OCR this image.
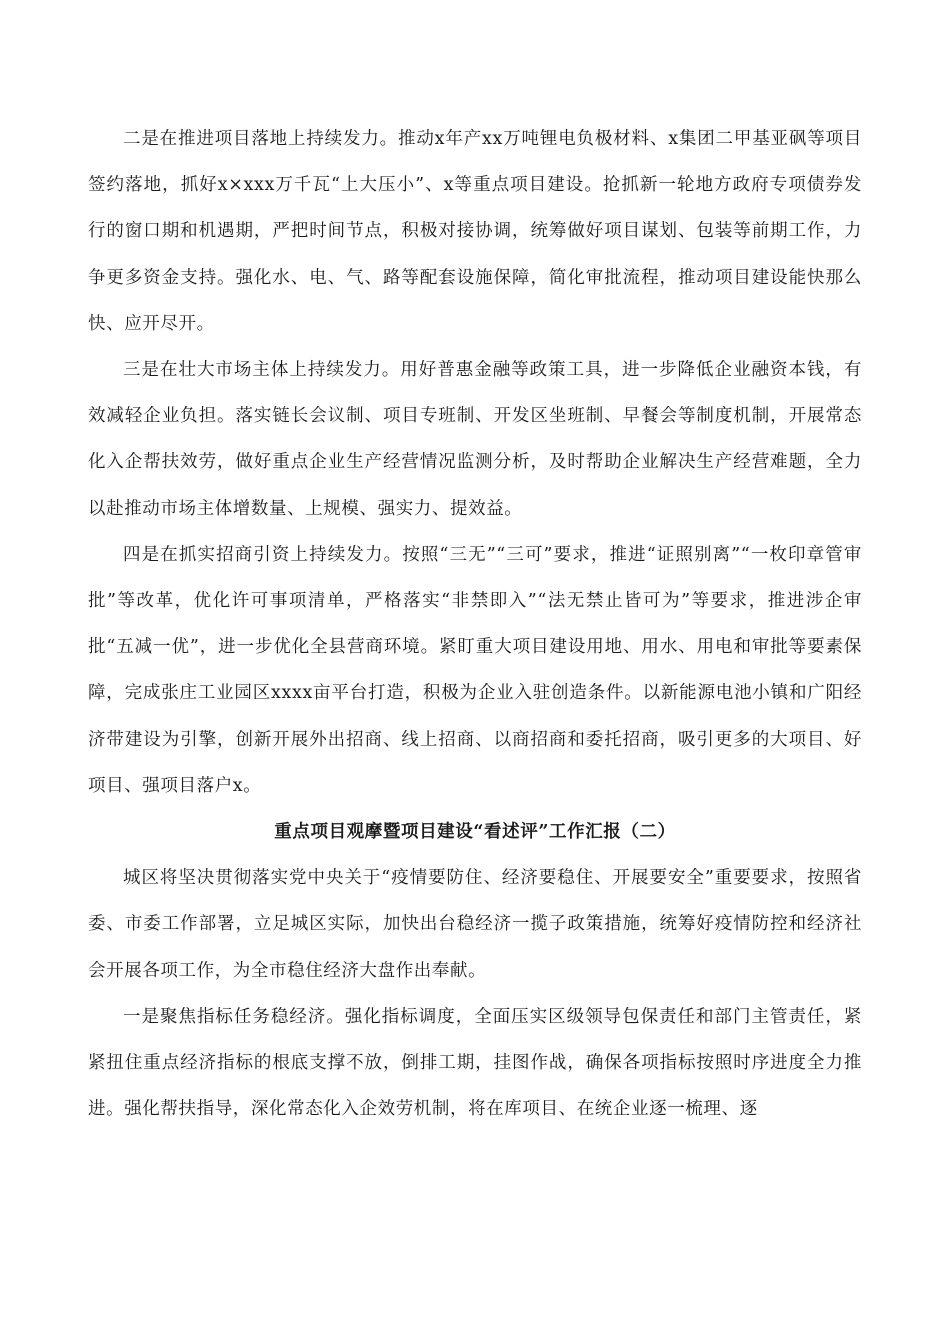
二是在推进项目落地上持续发力。推动x年产xx万吨锂电负极材料、x集团二甲基亚砜等项目签约落地，抓好x×xxx万千瓦“上大压小”、x等重点项目建设。抢抓新一轮地方政府专项债券发行的窗口期和机遇期，严把时间节点，积极对接协调，统筹做好项目谋划、包装等前期工作，力争更多资金支持。强化水、电、气、路等配套设施保障，简化审批流程，推动项目建设能快那么快、应开尽开。

三是在壮大市场主体上持续发力。用好普惠金融等政策工具，进一步降低企业融资本钱，有效减轻企业负担。落实链长会议制、项目专班制、开发区坐班制、早餐会等制度机制，开展常态化入企帮扶效劳，做好重点企业生产经营情况监测分析，及时帮助企业解决生产经营难题，全力以赴推动市场主体增数量、上规模、强实力、提效益。

四是在抓实招商引资上持续发力。按照“三无”“三可”要求，推进“证照别离”“一枚印章管审批”等改革，优化许可事项清单，严格落实“非禁即入”“法无禁止皆可为”等要求，推进涉企审批“五减一优”，进一步优化全县营商环境。紧盯重大项目建设用地、用水、用电和审批等要素保障，完成张庄工业园区xxxx亩平台打造，积极为企业入驻创造条件。以新能源电池小镇和广阳经济带建设为引擎，创新开展外出招商、线上招商、以商招商和委托招商，吸引更多的大项目、好项目、强项目落户x。

重点项目观摩暨项目建设“看述评”工作汇报（二）

城区将坚决贯彻落实党中央关于“疫情要防住、经济要稳住、开展要安全”重要要求，按照省委、市委工作部署，立足城区实际，加快出台稳经济一揽子政策措施，统筹好疫情防控和经济社会开展各项工作，为全市稳住经济大盘作出奉献。

一是聚焦指标任务稳经济。强化指标调度，全面压实区级领导包保责任和部门主管责任，紧紧扭住重点经济指标的根底支撑不放，倒排工期，挂图作战，确保各项指标按照时序进度全力推进。强化帮扶指导，深化常态化入企效劳机制，将在库项目、在统企业逐一梳理、逐
